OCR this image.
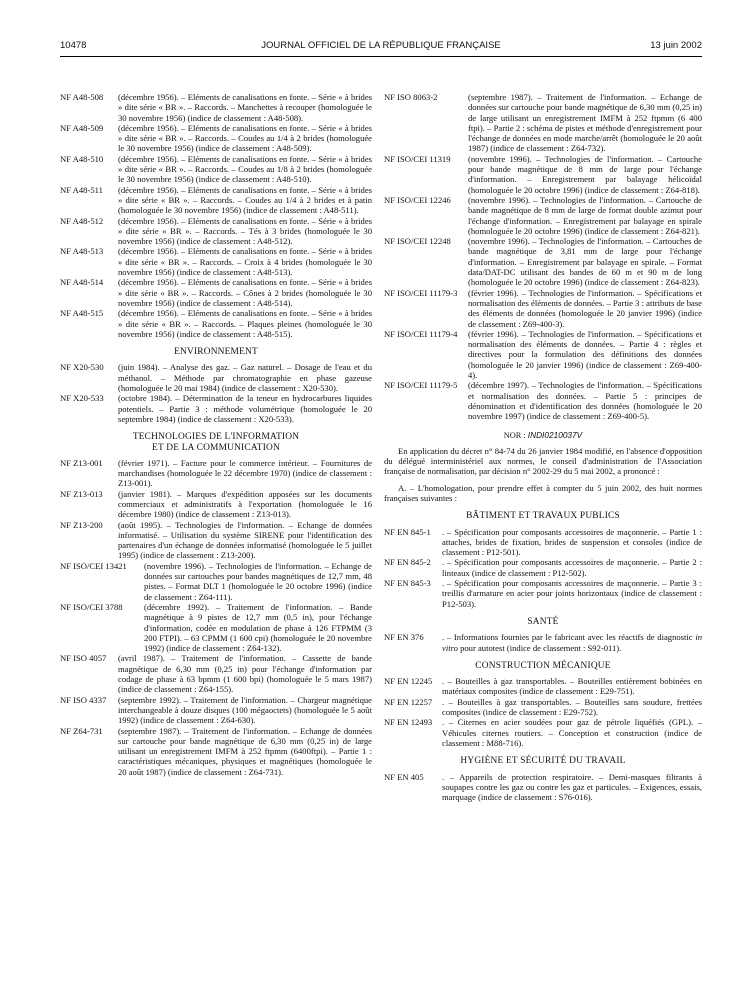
10478	JOURNAL OFFICIEL DE LA RÉPUBLIQUE FRANÇAISE	13 juin 2002
NF A48-508 (décembre 1956). – Eléments de canalisations en fonte. – Série « à brides » dite série « BR ». – Raccords. – Manchettes à recouper (homologuée le 30 novembre 1956) (indice de classement : A48-508).
NF A48-509 (décembre 1956). – Eléments de canalisations en fonte. – Série « à brides » dite série « BR ». – Raccords. – Coudes au 1/4 à 2 brides (homologuée le 30 novembre 1956) (indice de classement : A48-509).
NF A48-510 (décembre 1956). – Eléments de canalisations en fonte. – Série « à brides » dite série « BR ». – Raccords. – Coudes au 1/8 à 2 brides (homologuée le 30 novembre 1956) (indice de classement : A48-510).
NF A48-511 (décembre 1956). – Eléments de canalisations en fonte. – Série « à brides » dite série « BR ». – Raccords. – Coudes au 1/4 à 2 brides et à patin (homologuée le 30 novembre 1956) (indice de classement : A48-511).
NF A48-512 (décembre 1956). – Eléments de canalisations en fonte. – Série « à brides » dite série « BR ». – Raccords. – Tés à 3 brides (homologuée le 30 novembre 1956) (indice de classement : A48-512).
NF A48-513 (décembre 1956). – Eléments de canalisations en fonte. – Série « à brides » dite série « BR ». – Raccords. – Croix à 4 brides (homologuée le 30 novembre 1956) (indice de classement : A48-513).
NF A48-514 (décembre 1956). – Eléments de canalisations en fonte. – Série « à brides » dite série « BR ». – Raccords. – Cônes à 2 brides (homologuée le 30 novembre 1956) (indice de classement : A48-514).
NF A48-515 (décembre 1956). – Eléments de canalisations en fonte. – Série « à brides » dite série « BR ». – Raccords. – Plaques pleines (homologuée le 30 novembre 1956) (indice de classement : A48-515).
ENVIRONNEMENT
NF X20-530 (juin 1984). – Analyse des gaz. – Gaz naturel. – Dosage de l'eau et du méthanol. – Méthode par chromatographie en phase gazeuse (homologuée le 20 mai 1984) (indice de classement : X20-530).
NF X20-533 (octobre 1984). – Détermination de la teneur en hydrocarbures liquides potentiels. – Partie 3 : méthode volumétrique (homologuée le 20 septembre 1984) (indice de classement : X20-533).
TECHNOLOGIES DE L'INFORMATION
ET DE LA COMMUNICATION
NF Z13-001 (février 1971). – Facture pour le commerce intérieur. – Fournitures de marchandises (homologuée le 22 décembre 1970) (indice de classement : Z13-001).
NF Z13-013 (janvier 1981). – Marques d'expédition apposées sur les documents commerciaux et administratifs à l'exportation (homologuée le 16 décembre 1980) (indice de classement : Z13-013).
NF Z13-200 (août 1995). – Technologies de l'information. – Echange de données informatisé. – Utilisation du système SIRENE pour l'identification des partenaires d'un échange de données informatisé (homologuée le 5 juillet 1995) (indice de classement : Z13-200).
NF ISO/CEI 13421 (novembre 1996). – Technologies de l'information. – Echange de données sur cartouches pour bandes magnétiques de 12,7 mm, 48 pistes. – Format DLT 1 (homologuée le 20 octobre 1996) (indice de classement : Z64-111).
NF ISO/CEI 3788 (décembre 1992). – Traitement de l'information. – Bande magnétique à 9 pistes de 12,7 mm (0,5 in), pour l'échange d'information, codée en modulation de phase à 126 FTPMM (3 200 FTPI). – 63 CPMM (1 600 cpi) (homologuée le 20 novembre 1992) (indice de classement : Z64-132).
NF ISO 4057 (avril 1987). – Traitement de l'information. – Cassette de bande magnétique de 6,30 mm (0,25 in) pour l'échange d'information par codage de phase à 63 bpmm (1 600 bpi) (homologuée le 5 mars 1987) (indice de classement : Z64-155).
NF ISO 4337 (septembre 1992). – Traitement de l'information. – Chargeur magnétique interchangeable à douze disques (100 mégaoctets) (homologuée le 5 août 1992) (indice de classement : Z64-630).
NF Z64-731 (septembre 1987). – Traitement de l'information. – Echange de données sur cartouche pour bande magnétique de 6,30 mm (0,25 in) de large utilisant un enregistrement IMFM à 252 ftpmm (6400ftpi). – Partie 1 : caractéristiques mécaniques, physiques et magnétiques (homologuée le 20 août 1987) (indice de classement : Z64-731).
NF ISO 8063-2	(septembre 1987). – Traitement de l'information. – Echange de données sur cartouche pour bande magnétique de 6,30 mm (0,25 in) de large utilisant un enregistrement IMFM à 252 ftpmm (6 400 ftpi). – Partie 2 : schéma de pistes et méthode d'enregistrement pour l'échange de données en mode marche/arrêt (homologuée le 20 août 1987) (indice de classement : Z64-732).
NF ISO/CEI 11319 (novembre 1996). – Technologies de l'information. – Cartouche pour bande magnétique de 8 mm de large pour l'échange d'information. – Enregistrement par balayage hélicoïdal (homologuée le 20 octobre 1996) (indice de classement : Z64-818).
NF ISO/CEI 12246 (novembre 1996). – Technologies de l'information. – Cartouche de bande magnétique de 8 mm de large de format double azimut pour l'échange d'information. – Enregistrement par balayage en spirale (homologuée le 20 octobre 1996) (indice de classement : Z64-821).
NF ISO/CEI 12248 (novembre 1996). – Technologies de l'information. – Cartouches de bande magnétique de 3,81 mm de large pour l'échange d'information. – Enregistrement par balayage en spirale. – Format data/DAT-DC utilisant des bandes de 60 m et 90 m de long (homologuée le 20 octobre 1996) (indice de classement : Z64-823).
NF ISO/CEI 11179-3 (février 1996). – Technologies de l'information. – Spécifications et normalisation des éléments de données. – Partie 3 : attributs de base des éléments de données (homologuée le 20 janvier 1996) (indice de classement : Z69-400-3).
NF ISO/CEI 11179-4 (février 1996). – Technologies de l'information. – Spécifications et normalisation des éléments de données. – Partie 4 : règles et directives pour la formulation des définitions des données (homologuée le 20 janvier 1996) (indice de classement : Z69-400-4).
NF ISO/CEI 11179-5 (décembre 1997). – Technologies de l'information. – Spécifications et normalisation des données. – Partie 5 : principes de dénomination et d'identification des données (homologuée le 20 novembre 1997) (indice de classement : Z69-400-5).
NOR : INDI0210037V

En application du décret n° 84-74 du 26 janvier 1984 modifié, en l'absence d'opposition du délégué interministériel aux normes, le conseil d'administration de l'Association française de normalisation, par décision n° 2002-29 du 5 mai 2002, a prononcé :

A. – L'homologation, pour prendre effet à compter du 5 juin 2002, des huit normes françaises suivantes :

BÂTIMENT ET TRAVAUX PUBLICS
NF EN 845-1 . – Spécification pour composants accessoires de maçonnerie. – Partie 1 : attaches, brides de fixation, brides de suspension et consoles (indice de classement : P12-501).
NF EN 845-2 . – Spécification pour composants accessoires de maçonnerie. – Partie 2 : linteaux (indice de classement : P12-502).
NF EN 845-3 . – Spécification pour composants accessoires de maçonnerie. – Partie 3 : treillis d'armature en acier pour joints horizontaux (indice de classement : P12-503).
SANTÉ
NF EN 376 . – Informations fournies par le fabricant avec les réactifs de diagnostic in vitro pour autotest (indice de classement : S92-011).
CONSTRUCTION MÉCANIQUE
NF EN 12245 . – Bouteilles à gaz transportables. – Bouteilles entièrement bobinées en matériaux composites (indice de classement : E29-751).
NF EN 12257 . – Bouteilles à gaz transportables. – Bouteilles sans soudure, frettées composites (indice de classement : E29-752).
NF EN 12493 . – Citernes en acier soudées pour gaz de pétrole liquéfiés (GPL). – Véhicules citernes routiers. – Conception et construction (indice de classement : M88-716).
HYGIÈNE ET SÉCURITÉ DU TRAVAIL
NF EN 405 . – Appareils de protection respiratoire. – Demi-masques filtrants à soupapes contre les gaz ou contre les gaz et particules. – Exigences, essais, marquage (indice de classement : S76-016).
